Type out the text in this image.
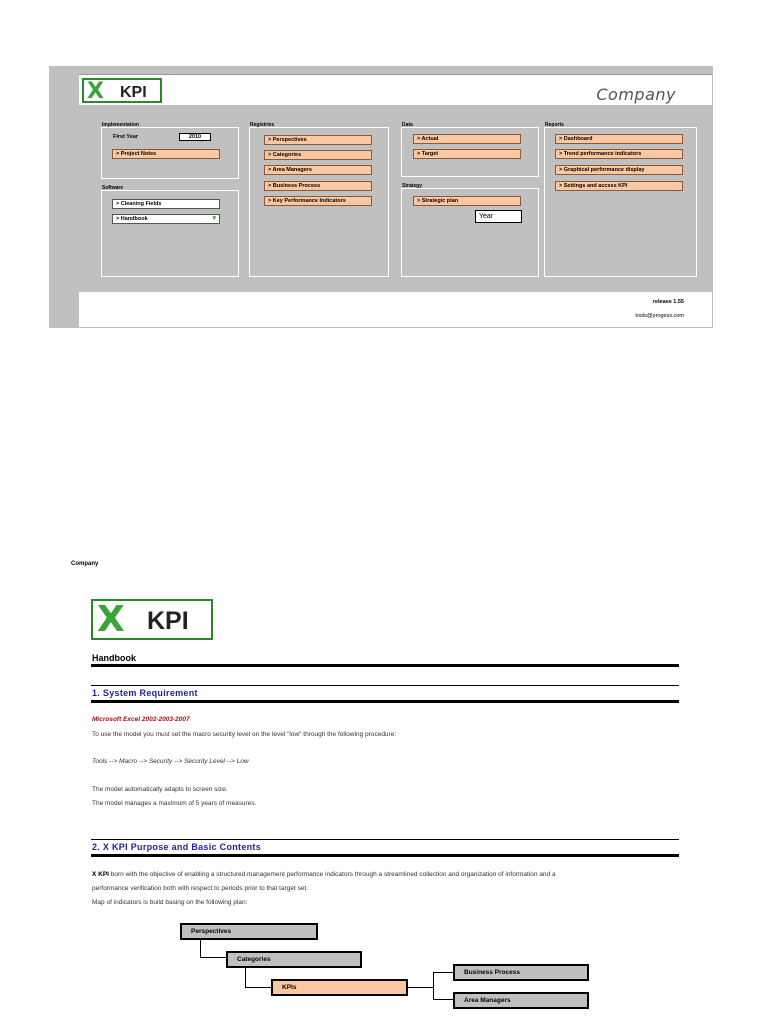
X KPI	Company
Implementation
First Year	2010
> Project Notes
Software
> Cleaning Fields
> Handbook	▾
Registries
> Perspectives
> Categories
> Area Managers
> Business Process
> Key Performance Indicators
Data
> Actual
> Target
Strategy
> Strategic plan
Year
Reports
> Dashboard
> Trend performance indicators
> Graphical performance display
> Settings and access KPI
release 1.55
tools@progess.com
Company
X KPI
Handbook
1. System Requirement
Microsoft Excel 2002-2003-2007
To use the model you must set the macro security level on the level "low" through the following procedure:
Tools --> Macro --> Security --> Security Level --> Low
The model automatically adapts to screen size.
The model manages a maximum of 5 years of measures.
2. X KPI Purpose and Basic Contents
X KPI born with the objective of enabling a structured management performance indicators through a streamlined collection and organization of information and a
performance verification both with respect to periods prior to that target set.
Map of indicators is build basing on the following plan:
Perspectives
Categories
KPIs
Business Process
Area Managers
